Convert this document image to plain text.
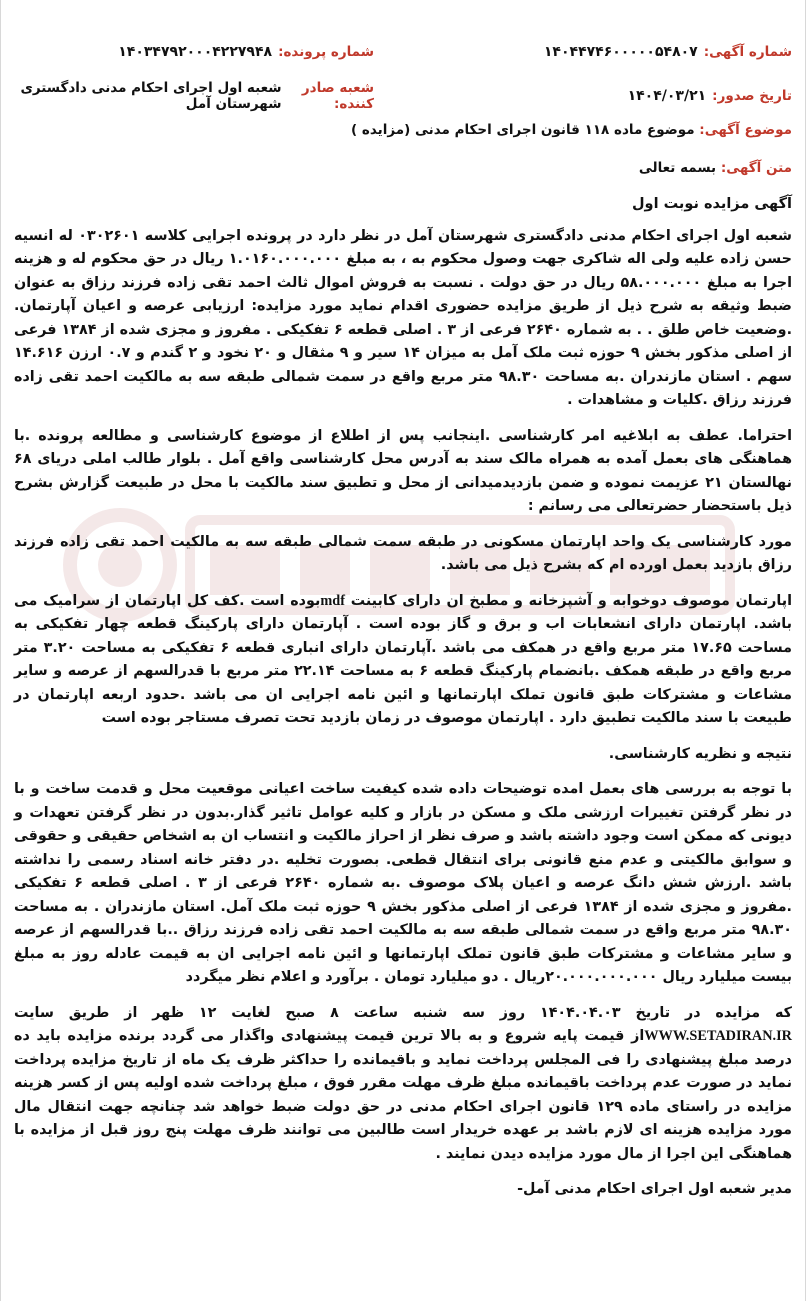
شماره آگهی:
۱۴۰۴۴۷۴۶۰۰۰۰۰۵۴۸۰۷
شماره پرونده:
۱۴۰۳۴۷۹۲۰۰۰۴۲۲۷۹۴۸
تاریخ صدور:
۱۴۰۴/۰۳/۲۱
شعبه صادر کننده:
شعبه اول اجرای احکام مدنی دادگستری شهرستان آمل
موضوع آگهی: موضوع ماده ۱۱۸ قانون اجرای احکام مدنی (مزایده )
متن آگهی: بسمه تعالی

آگهی مزایده نوبت اول

شعبه اول اجرای احکام مدنی دادگستری شهرستان آمل در نظر دارد در پرونده اجرایی کلاسه ۰۳۰۲۶۰۱ له انسیه حسن زاده علیه ولی اله شاکری جهت وصول محکوم به ، به مبلغ ۱.۰۱۶۰.۰۰۰.۰۰۰ ریال در حق محکوم له و هزینه اجرا به مبلغ ۵۸.۰۰۰.۰۰۰ ریال در حق دولت . نسبت به فروش اموال ثالث احمد تقی زاده فرزند رزاق به عنوان ضبط وثیقه به شرح ذیل از طریق مزایده حضوری اقدام نماید مورد مزایده: ارزیابی عرصه و اعیان آپارتمان. .وضعیت خاص طلق . . به شماره ۲۶۴۰ فرعی از ۳ . اصلی قطعه ۶ تفکیکی . مفروز و مجزی شده از ۱۳۸۴ فرعی از اصلی مذکور بخش ۹ حوزه ثبت ملک آمل به میزان ۱۴ سیر و ۹ مثقال و ۲۰ نخود و ۲ گندم و ۰.۷ ارزن ۱۴.۶۱۶ سهم . استان مازندران .به مساحت ۹۸.۳۰ متر مربع واقع در سمت شمالی طبقه سه به مالکیت احمد تقی زاده فرزند رزاق .کلیات و مشاهدات .

احتراما. عطف به ابلاغیه امر کارشناسی .اینجانب پس از اطلاع از موضوع کارشناسی و مطالعه پرونده .با هماهنگی های بعمل آمده به همراه مالک سند به آدرس محل کارشناسی واقع آمل . بلوار طالب املی دریای ۶۸ نهالستان ۲۱ عزیمت نموده و ضمن بازدیدمیدانی از محل و تطبیق سند مالکیت با محل در طبیعت گزارش بشرح ذیل باستحضار حضرتعالی می رسانم :

مورد کارشناسی یک واحد اپارتمان مسکونی در طبقه سمت شمالی طبقه سه به مالکیت احمد تقی زاده فرزند رزاق بازدید بعمل اورده ام که بشرح ذیل می باشد.

اپارتمان موصوف دوخوابه و آشپزخانه و مطبخ ان دارای کابینت mdfبوده است .کف کل اپارتمان از سرامیک می باشد. اپارتمان دارای انشعابات اب و برق و گاز بوده است . آپارتمان دارای پارکینگ قطعه چهار تفکیکی به مساحت ۱۷.۶۵ متر مربع واقع در همکف می باشد .آپارتمان دارای انباری قطعه ۶ تفکیکی به مساحت ۳.۲۰ متر مربع واقع در طبقه همکف .بانضمام پارکینگ قطعه ۶ به مساحت ۲۲.۱۴ متر مربع با قدرالسهم از عرصه و سایر مشاعات و مشترکات طبق قانون تملک اپارتمانها و ائین نامه اجرایی ان می باشد .حدود اربعه اپارتمان در طبیعت با سند مالکیت تطبیق دارد . اپارتمان موصوف در زمان بازدید تحت تصرف مستاجر بوده است

نتیجه و نظریه کارشناسی.

با توجه به بررسی های بعمل امده توضیحات داده شده کیفیت ساخت اعیانی موقعیت محل و قدمت ساخت و با در نظر گرفتن تغییرات ارزشی ملک و مسکن در بازار و کلیه عوامل تاثیر گذار.بدون در نظر گرفتن تعهدات و دیونی که ممکن است وجود داشته باشد و صرف نظر از احراز مالکیت و انتساب ان به اشخاص حقیقی و حقوقی و سوابق مالکیتی و عدم منع قانونی برای انتقال قطعی. بصورت تخلیه .در دفتر خانه اسناد رسمی را نداشته باشد .ارزش شش دانگ عرصه و اعیان پلاک موصوف .به شماره ۲۶۴۰ فرعی از ۳ . اصلی قطعه ۶ تفکیکی .مفروز و مجزی شده از ۱۳۸۴ فرعی از اصلی مذکور بخش ۹ حوزه ثبت ملک آمل. استان مازندران . به مساحت ۹۸.۳۰ متر مربع واقع در سمت شمالی طبقه سه به مالکیت احمد تقی زاده فرزند رزاق ..با قدرالسهم از عرصه و سایر مشاعات و مشترکات طبق قانون تملک اپارتمانها و ائین نامه اجرایی ان به قیمت عادله روز به مبلغ بیست میلیارد ریال ۲۰.۰۰۰.۰۰۰.۰۰۰ریال . دو میلیارد تومان . برآورد و اعلام نظر میگردد

که مزایده در تاریخ ۱۴۰۴.۰۴.۰۳ روز سه شنبه ساعت ۸ صبح لغایت ۱۲ ظهر از طریق سایت WWW.SETADIRAN.IRاز قیمت پایه شروع و به بالا ترین قیمت پیشنهادی واگذار می گردد برنده مزایده باید ده درصد مبلغ پیشنهادی را فی المجلس پرداخت نماید و باقیمانده را حداکثر ظرف یک ماه از تاریخ مزایده پرداخت نماید در صورت عدم پرداخت باقیمانده مبلغ ظرف مهلت مقرر فوق ، مبلغ پرداخت شده اولیه پس از کسر هزینه مزایده در راستای ماده ۱۲۹ قانون اجرای احکام مدنی در حق دولت ضبط خواهد شد چنانچه جهت انتقال مال مورد مزایده هزینه ای لازم باشد بر عهده خریدار است طالبین می توانند ظرف مهلت پنج روز قبل از مزایده با هماهنگی این اجرا از مال مورد مزایده دیدن نمایند .

مدیر شعبه اول اجرای احکام مدنی آمل-
